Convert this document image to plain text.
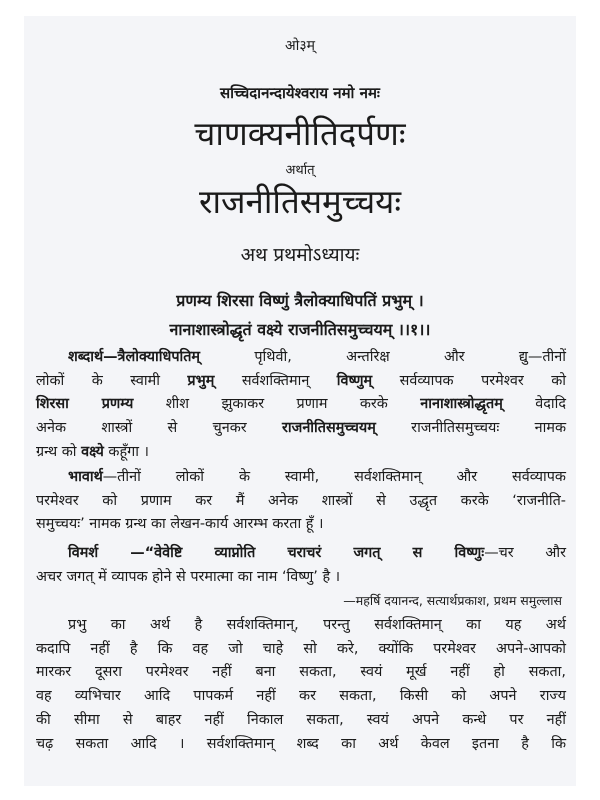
ओ३म्
सच्चिदानन्दायेश्वराय नमो नमः
चाणक्यनीतिदर्पणः
अर्थात्
राजनीतिसमुच्चयः
अथ प्रथमोऽध्यायः
प्रणम्य शिरसा विष्णुं त्रैलोक्याधिपतिं प्रभुम् ।
नानाशास्त्रोद्धृतं वक्ष्ये राजनीतिसमुच्चयम् ।।१।।
शब्दार्थ—त्रैलोक्याधिपतिम् पृथिवी, अन्तरिक्ष और द्यु—तीनों
लोकों के स्वामी प्रभुम् सर्वशक्तिमान् विष्णुम् सर्वव्यापक परमेश्वर को
शिरसा प्रणम्य शीश झुकाकर प्रणाम करके नानाशास्त्रोद्धृतम् वेदादि
अनेक शास्त्रों से चुनकर राजनीतिसमुच्चयम् राजनीतिसमुच्चयः नामक
ग्रन्थ को वक्ष्ये कहूँगा ।
भावार्थ—तीनों लोकों के स्वामी, सर्वशक्तिमान् और सर्वव्यापक
परमेश्वर को प्रणाम कर मैं अनेक शास्त्रों से उद्धृत करके ‘राजनीति-
समुच्चयः’ नामक ग्रन्थ का लेखन-कार्य आरम्भ करता हूँ ।
विमर्श —“वेवेष्टि व्याप्नोति चराचरं जगत् स विष्णुः—चर और
अचर जगत् में व्यापक होने से परमात्मा का नाम ‘विष्णु’ है ।
—महर्षि दयानन्द, सत्यार्थप्रकाश, प्रथम समुल्लास
प्रभु का अर्थ है सर्वशक्तिमान्, परन्तु सर्वशक्तिमान् का यह अर्थ
कदापि नहीं है कि वह जो चाहे सो करे, क्योंकि परमेश्वर अपने-आपको
मारकर दूसरा परमेश्वर नहीं बना सकता, स्वयं मूर्ख नहीं हो सकता,
वह व्यभिचार आदि पापकर्म नहीं कर सकता, किसी को अपने राज्य
की सीमा से बाहर नहीं निकाल सकता, स्वयं अपने कन्धे पर नहीं
चढ़ सकता आदि । सर्वशक्तिमान् शब्द का अर्थ केवल इतना है कि
